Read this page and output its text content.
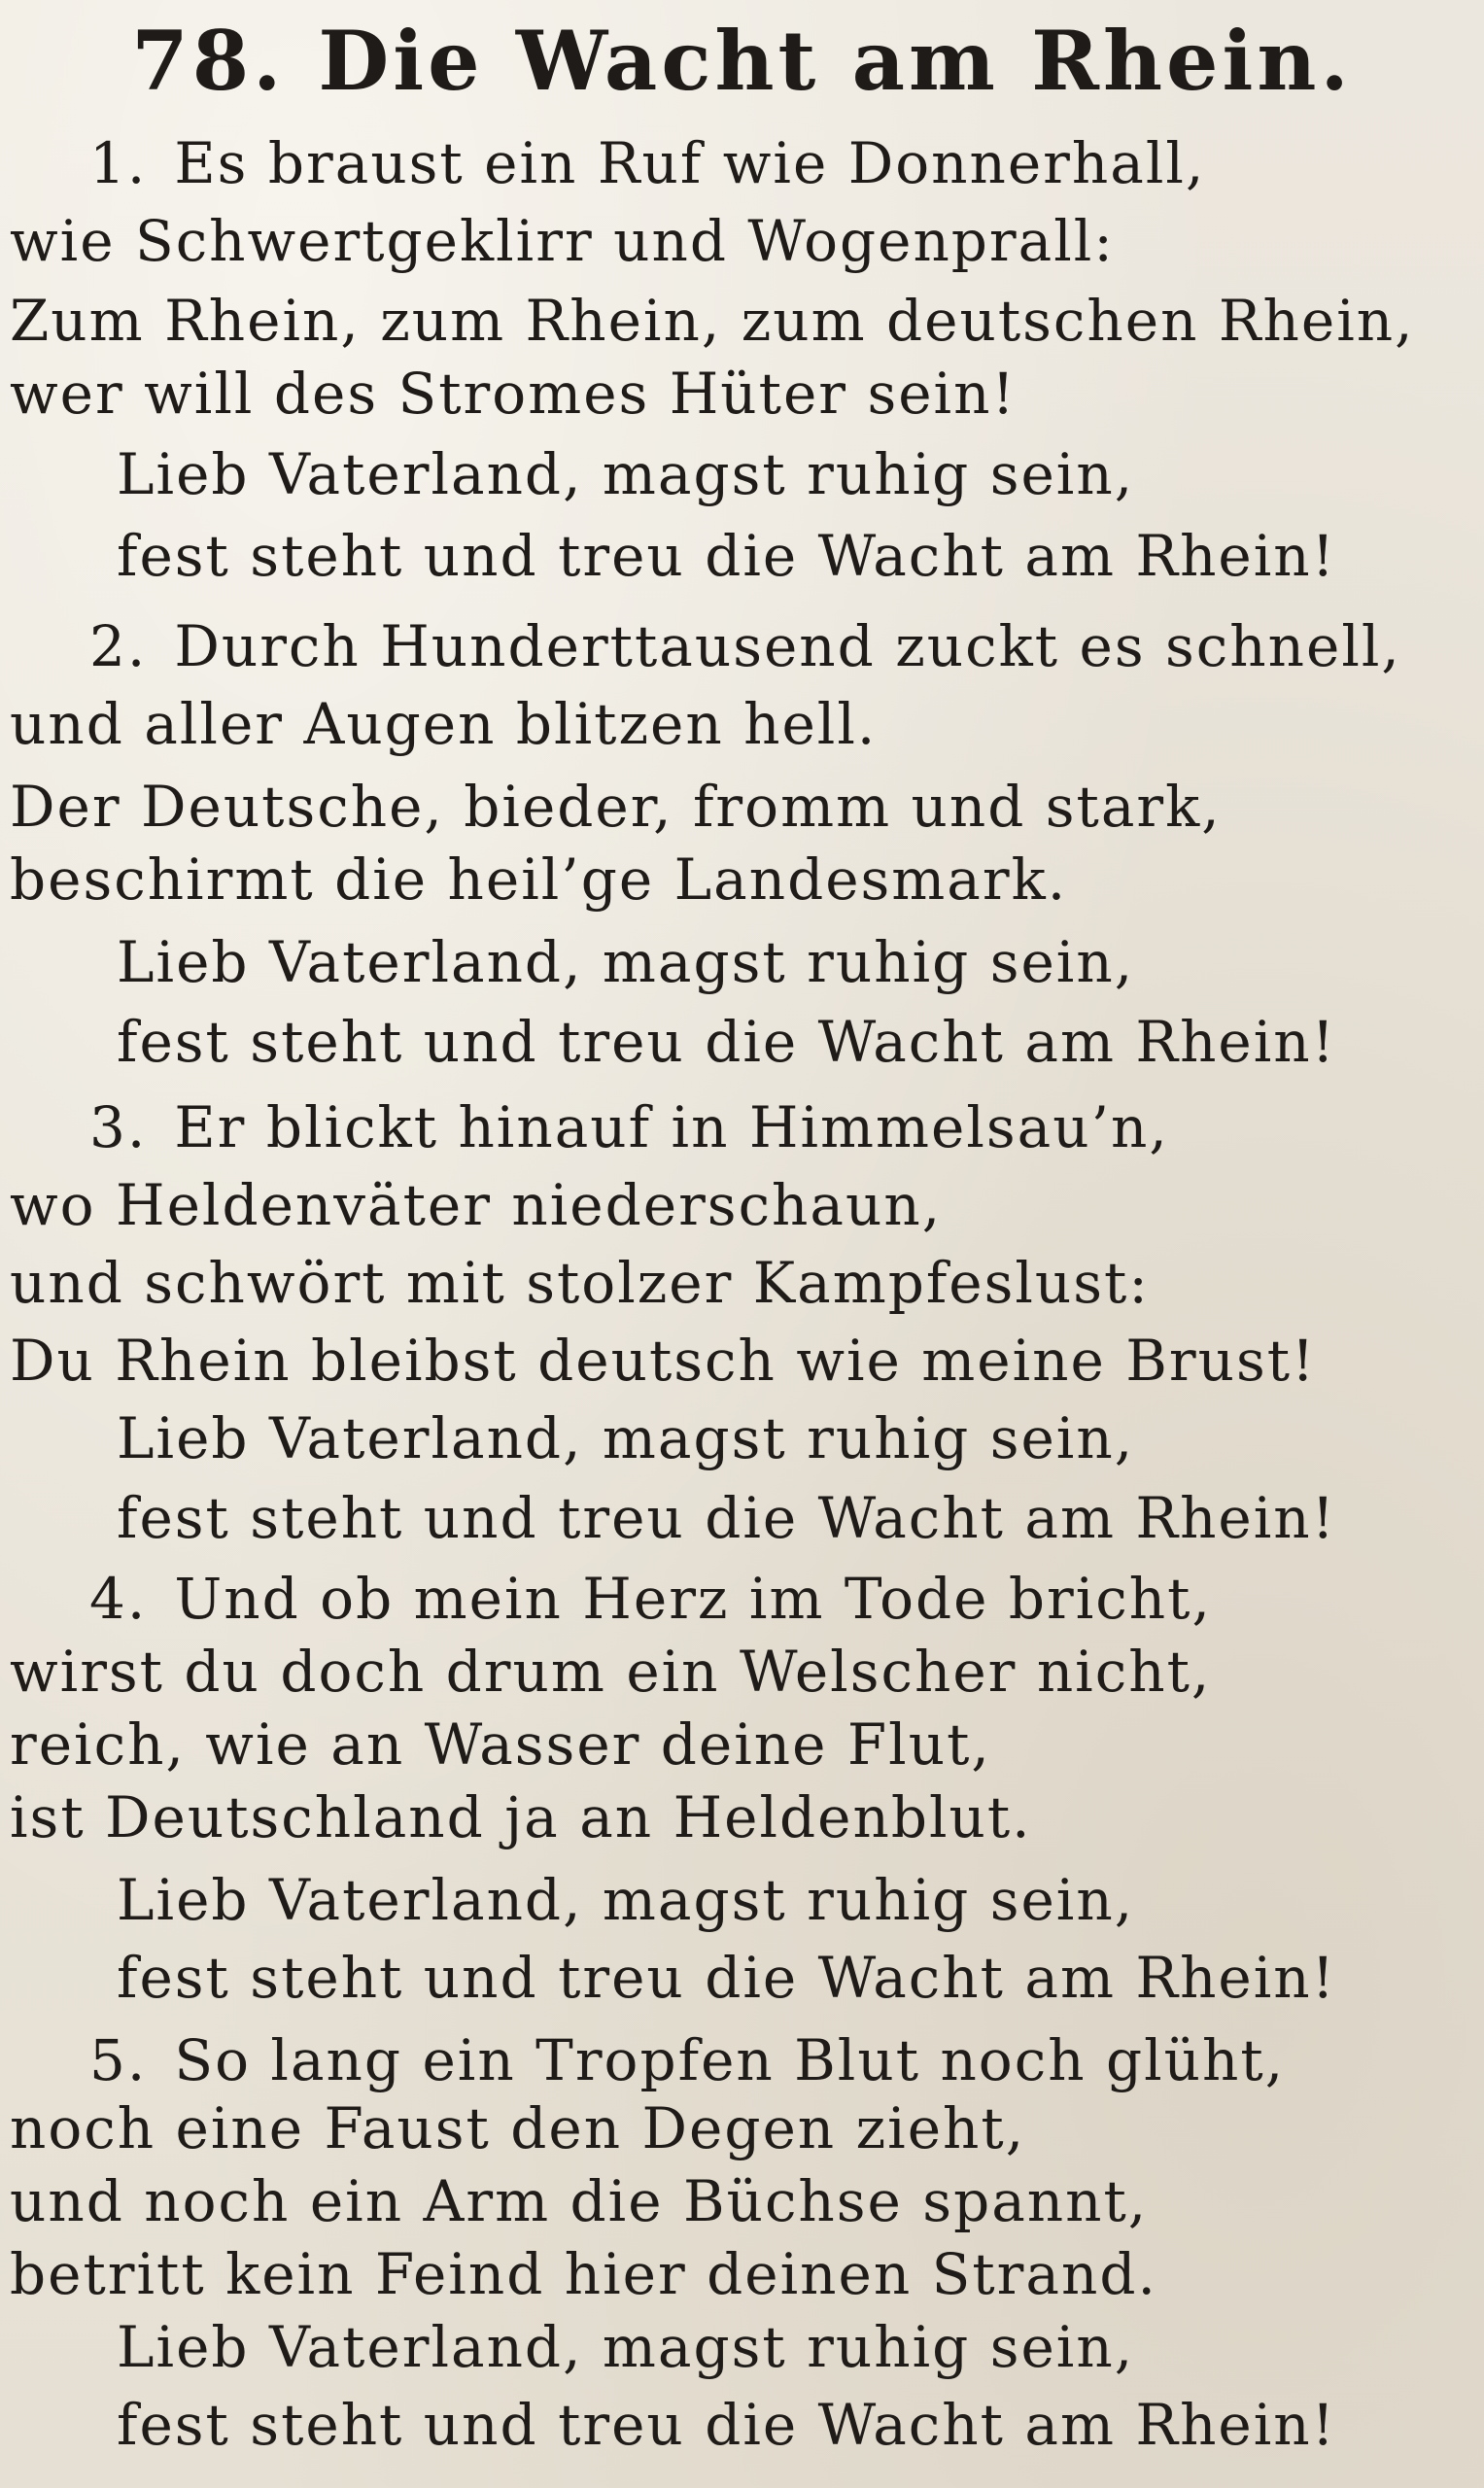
78. Die Wacht am Rhein.
1. Es braust ein Ruf wie Donnerhall,
wie Schwertgeklirr und Wogenprall:
Zum Rhein, zum Rhein, zum deutschen Rhein,
wer will des Stromes Hüter sein!
Lieb Vaterland, magst ruhig sein,
fest steht und treu die Wacht am Rhein!
2. Durch Hunderttausend zuckt es schnell,
und aller Augen blitzen hell.
Der Deutsche, bieder, fromm und stark,
beschirmt die heil’ge Landesmark.
Lieb Vaterland, magst ruhig sein,
fest steht und treu die Wacht am Rhein!
3. Er blickt hinauf in Himmelsau’n,
wo Heldenväter niederschaun,
und schwört mit stolzer Kampfeslust:
Du Rhein bleibst deutsch wie meine Brust!
Lieb Vaterland, magst ruhig sein,
fest steht und treu die Wacht am Rhein!
4. Und ob mein Herz im Tode bricht,
wirst du doch drum ein Welscher nicht,
reich, wie an Wasser deine Flut,
ist Deutschland ja an Heldenblut.
Lieb Vaterland, magst ruhig sein,
fest steht und treu die Wacht am Rhein!
5. So lang ein Tropfen Blut noch glüht,
noch eine Faust den Degen zieht,
und noch ein Arm die Büchse spannt,
betritt kein Feind hier deinen Strand.
Lieb Vaterland, magst ruhig sein,
fest steht und treu die Wacht am Rhein!
